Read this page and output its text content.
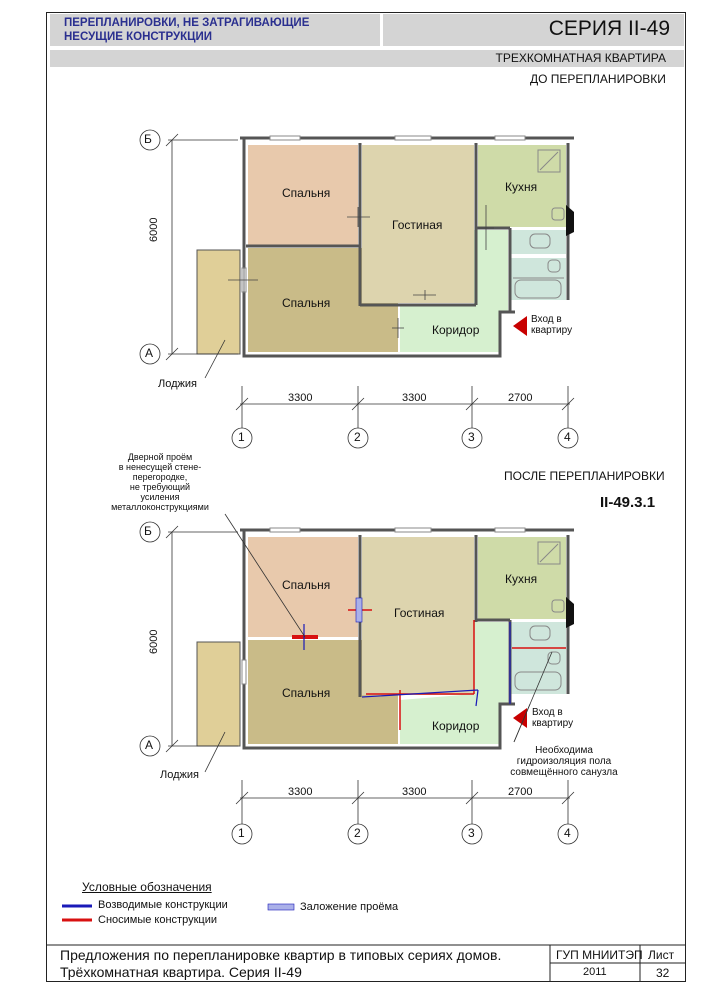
ПЕРЕПЛАНИРОВКИ, НЕ ЗАТРАГИВАЮЩИЕ
НЕСУЩИЕ КОНСТРУКЦИИ	СЕРИЯ II-49
ТРЕХКОМНАТНАЯ КВАРТИРА
ДО ПЕРЕПЛАНИРОВКИ
Спальня
Спальня
Гостиная
Кухня
Коридор
Лоджия
Вход в
квартиру
Б
А
1	2	3	4
6000
3300	3300	2700
ПОСЛЕ ПЕРЕПЛАНИРОВКИ
II-49.3.1
Дверной проём
в ненесущей стене-
перегородке,
не требующий
усиления
металлоконструкциями
Спальня
Спальня
Гостиная
Кухня
Коридор
Лоджия
Вход в
квартиру
Необходима
гидроизоляция пола
совмещённого санузла
Б
А
1	2	3	4
6000
3300	3300	2700
Условные обозначения
Возводимые конструкции
Сносимые конструкции
Заложение проёма
Предложения по перепланировке квартир в типовых сериях домов.
Трёхкомнатная квартира. Серия II-49
ГУП МНИИТЭП
2011
Лист
32
